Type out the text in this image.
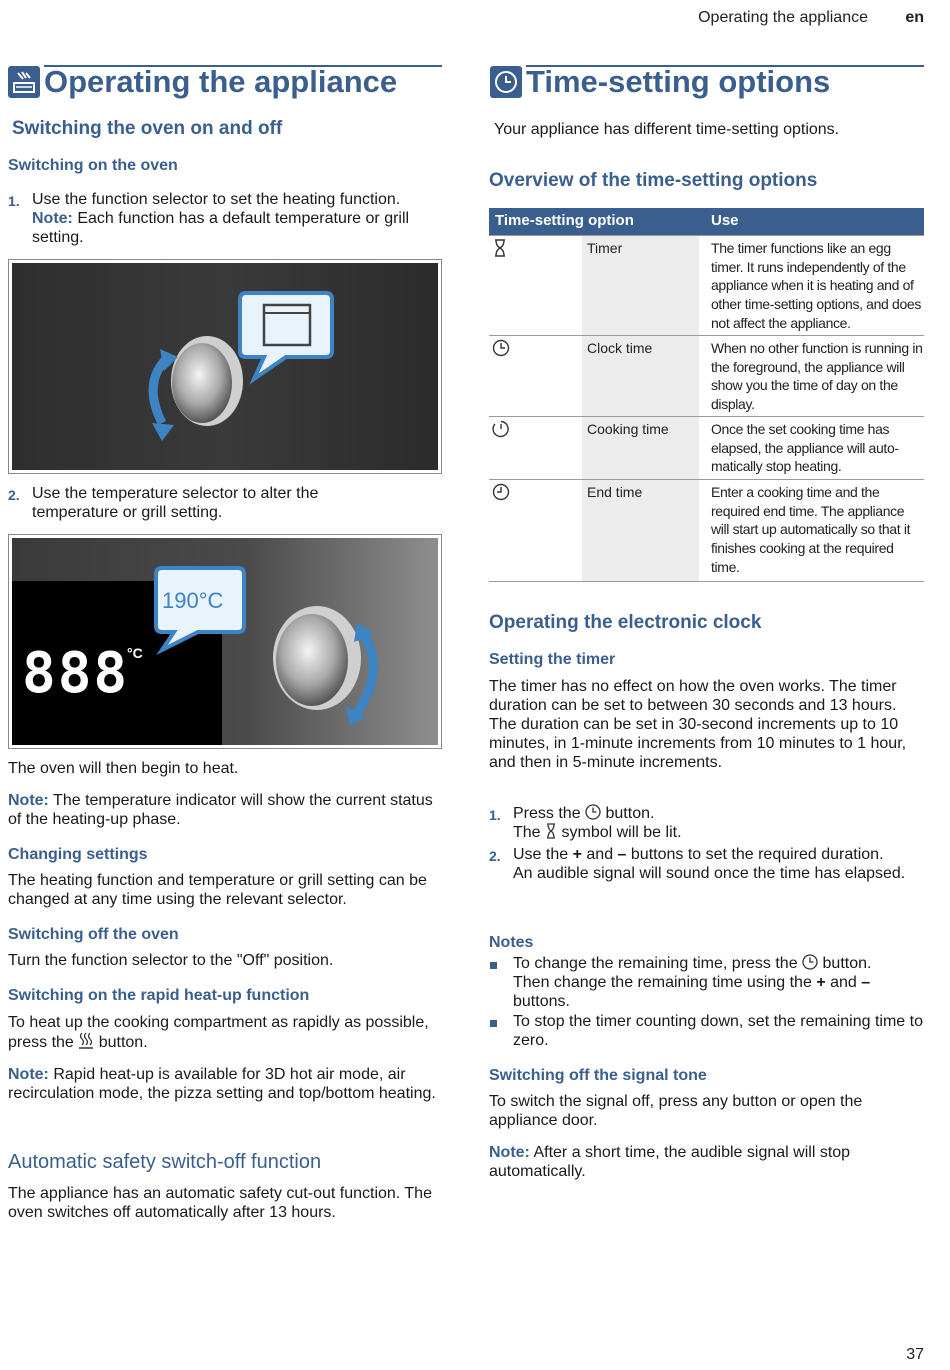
Operating the appliance en
Operating the appliance
Switching the oven on and off
Switching on the oven
1. Use the function selector to set the heating function.
Note: Each function has a default temperature or grill setting.
2. Use the temperature selector to alter the temperature or grill setting.
888
°C
190°C
The oven will then begin to heat.
Note: The temperature indicator will show the current status of the heating-up phase.
Changing settings
The heating function and temperature or grill setting can be changed at any time using the relevant selector.
Switching off the oven
Turn the function selector to the "Off" position.
Switching on the rapid heat-up function
To heat up the cooking compartment as rapidly as possible, press the button.
Note: Rapid heat-up is available for 3D hot air mode, air recirculation mode, the pizza setting and top/bottom heating.
Automatic safety switch-off function
The appliance has an automatic safety cut-out function. The oven switches off automatically after 13 hours.
Time-setting options
Your appliance has different time-setting options.
Overview of the time-setting options
Time-setting option	Use
Timer	The timer functions like an egg timer. It runs independently of the appliance when it is heating and of other time-setting options, and does not affect the appliance.
Clock time	When no other function is running in the foreground, the appliance will show you the time of day on the display.
Cooking time	Once the set cooking time has elapsed, the appliance will auto-matically stop heating.
End time	Enter a cooking time and the required end time. The appliance will start up automatically so that it finishes cooking at the required time.
Operating the electronic clock
Setting the timer
The timer has no effect on how the oven works. The timer duration can be set to between 30 seconds and 13 hours. The duration can be set in 30-second increments up to 10 minutes, in 1-minute increments from 10 minutes to 1 hour, and then in 5-minute increments.
1. Press the button.
The symbol will be lit.
2. Use the + and – buttons to set the required duration.
An audible signal will sound once the time has elapsed.
Notes
To change the remaining time, press the button.
Then change the remaining time using the + and –
buttons.
To stop the timer counting down, set the remaining time to zero.
Switching off the signal tone
To switch the signal off, press any button or open the appliance door.
Note: After a short time, the audible signal will stop automatically.
37
